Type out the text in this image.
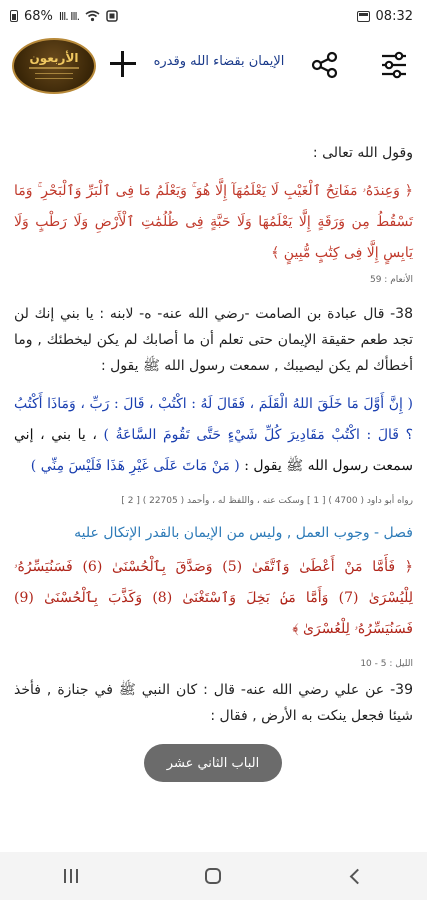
68% Ill. Ill.	08:32
الأربعون	الإيمان بقضاء الله وقدره
وقول الله تعالى :
﴿ وَعِندَهُۥ مَفَاتِحُ ٱلْغَيْبِ لَا يَعْلَمُهَآ إِلَّا هُوَ ۚ وَيَعْلَمُ مَا فِى ٱلْبَرِّ وَٱلْبَحْرِ ۚ وَمَا تَسْقُطُ مِن وَرَقَةٍ إِلَّا يَعْلَمُهَا وَلَا حَبَّةٍ فِى ظُلُمَٰتِ ٱلْأَرْضِ وَلَا رَطْبٍ وَلَا يَابِسٍ إِلَّا فِى كِتَٰبٍ مُّبِينٍ ﴾
الأنعام : 59
38- قال عبادة بن الصامت -رضي الله عنه- ه- لابنه : يا بني إنك لن تجد طعم حقيقة الإيمان حتى تعلم أن ما أصابك لم يكن ليخطئك , وما أخطأك لم يكن ليصيبك , سمعت رسول الله ﷺ يقول :
( إِنَّ أَوَّلَ مَا خَلَقَ اللهُ الْقَلَمَ ، فَقَالَ لَهُ : اكْتُبْ ، قَالَ : رَبِّ ، وَمَاذَا أَكْتُبُ ؟ قَالَ : اكْتُبْ مَقَادِيرَ كُلِّ شَيْءٍ حَتَّى تَقُومَ السَّاعَةُ ) ، يا بني ، إني سمعت رسول الله ﷺ يقول : ( مَنْ مَاتَ عَلَى غَيْرِ هَذَا فَلَيْسَ مِنِّي )
رواه أبو داود ( 4700 ) [ 1 ] وسكت عنه ، واللفظ له ، وأحمد ( 22705 ) [ 2 ]
فصل - وجوب العمل , وليس من الإيمان بالقدر الإتكال عليه
﴿ فَأَمَّا مَنْ أَعْطَىٰ وَٱتَّقَىٰ (5) وَصَدَّقَ بِٱلْحُسْنَىٰ (6) فَسَنُيَسِّرُهُۥ لِلْيُسْرَىٰ (7) وَأَمَّا مَنۢ بَخِلَ وَٱسْتَغْنَىٰ (8) وَكَذَّبَ بِٱلْحُسْنَىٰ (9) فَسَنُيَسِّرُهُۥ لِلْعُسْرَىٰ ﴾
الليل : 5 - 10
39- عن علي رضي الله عنه- قال : كان النبي ﷺ في جنازة , فأخذ شيئا فجعل ينكت به الأرض , فقال :
الباب الثاني عشر
